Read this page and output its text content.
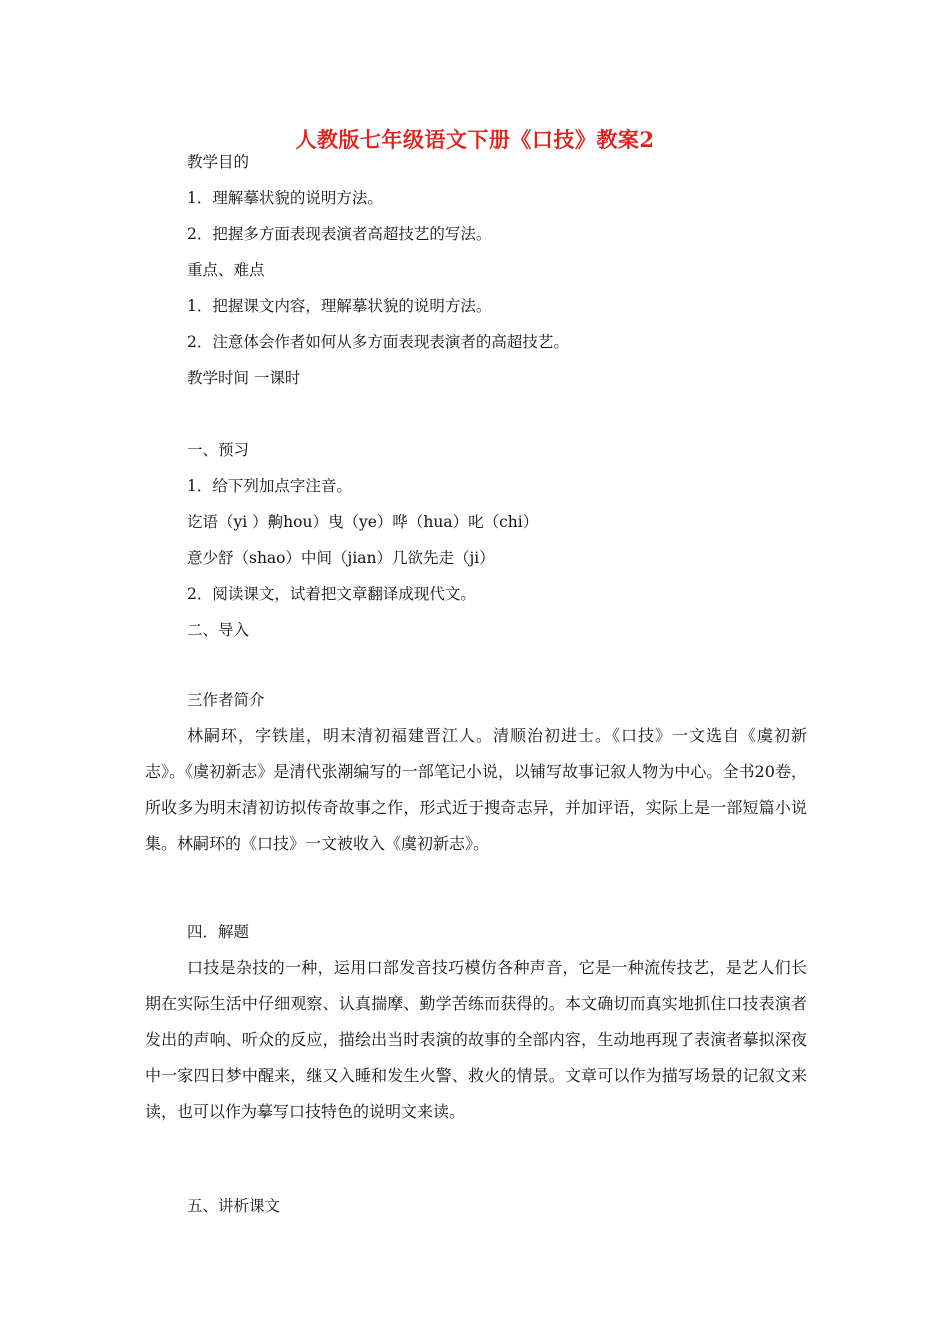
人教版七年级语文下册《口技》教案2
教学目的
1．理解摹状貌的说明方法。
2．把握多方面表现表演者高超技艺的写法。
重点、难点
1．把握课文内容，理解摹状貌的说明方法。
2．注意体会作者如何从多方面表现表演者的高超技艺。
教学时间 一课时
一、预习
1．给下列加点字注音。
讫语（yi ）齁hou）曳（ye）哗（hua）叱（chi）
意少舒（shao）中间（jian）几欲先走（ji）
2．阅读课文，试着把文章翻译成现代文。
二、导入
三作者简介
林嗣环，字铁崖，明末清初福建晋江人。清顺治初进士。《口技》一文选自《虞初新志》。《虞初新志》是清代张潮编写的一部笔记小说，以铺写故事记叙人物为中心。全书20卷，所收多为明末清初访拟传奇故事之作，形式近于搜奇志异，并加评语，实际上是一部短篇小说集。林嗣环的《口技》一文被收入《虞初新志》。
四．解题
口技是杂技的一种，运用口部发音技巧模仿各种声音，它是一种流传技艺，是艺人们长期在实际生活中仔细观察、认真揣摩、勤学苦练而获得的。本文确切而真实地抓住口技表演者发出的声响、听众的反应，描绘出当时表演的故事的全部内容，生动地再现了表演者摹拟深夜中一家四日梦中醒来，继又入睡和发生火警、救火的情景。文章可以作为描写场景的记叙文来读，也可以作为摹写口技特色的说明文来读。
五、讲析课文
